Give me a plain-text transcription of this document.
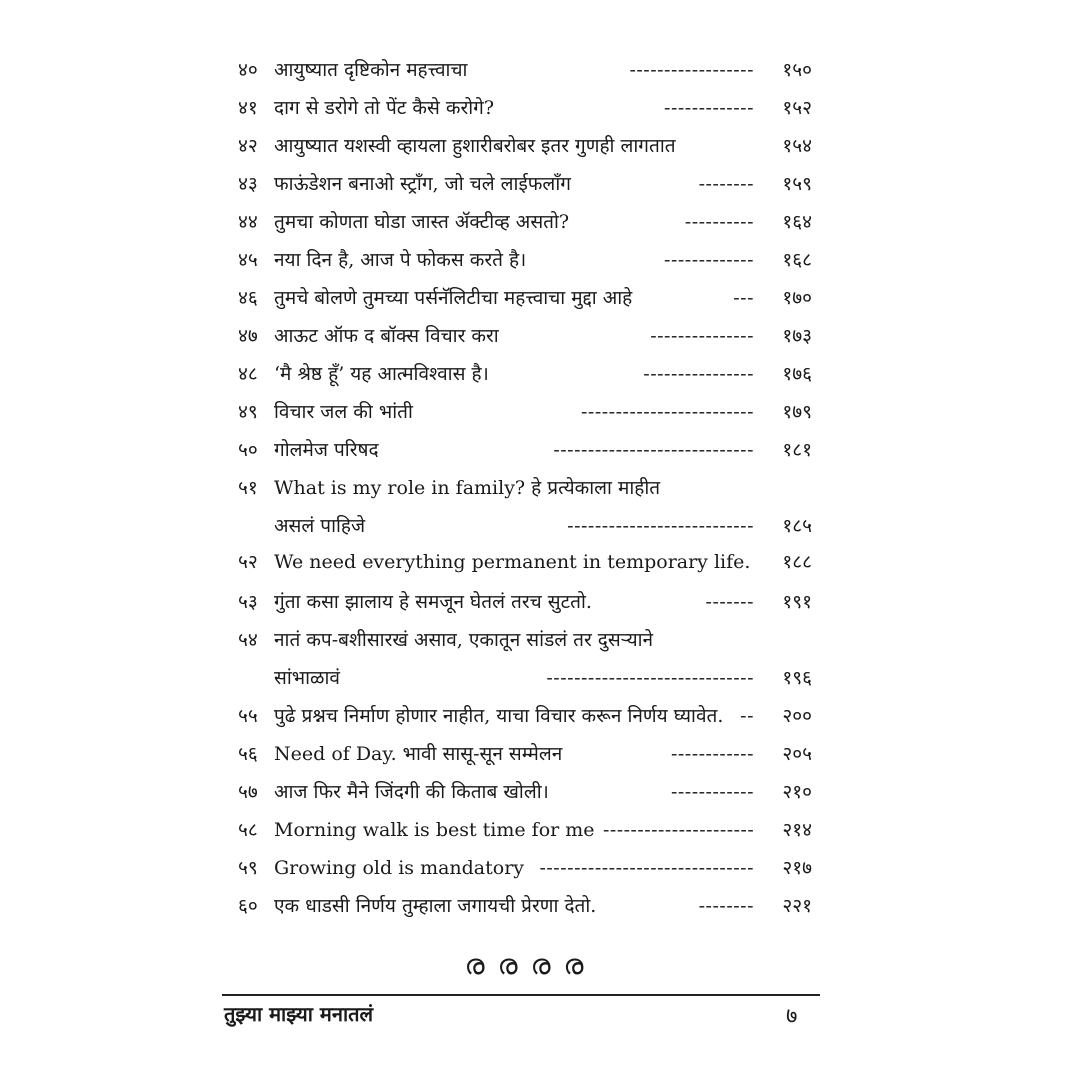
४० आयुष्यात दृष्टिकोन महत्त्वाचा	------------------	१५०
४१ दाग से डरोगे तो पेंट कैसे करोगे?	-------------	१५२
४२ आयुष्यात यशस्वी व्हायला हुशारीबरोबर इतर गुणही लागतात	१५४
४३ फाऊंडेशन बनाओ स्ट्राँग, जो चले लाईफलाँग	--------	१५९
४४ तुमचा कोणता घोडा जास्त ॲक्टीव्ह असतो?	----------	१६४
४५ नया दिन है, आज पे फोकस करते है।	-------------	१६८
४६ तुमचे बोलणे तुमच्या पर्सनॅलिटीचा महत्त्वाचा मुद्दा आहे	---	१७०
४७ आऊट ऑफ द बॉक्स विचार करा	---------------	१७३
४८ ‘मै श्रेष्ठ हूँ’ यह आत्मविश्वास है।	----------------	१७६
४९ विचार जल की भांती	-------------------------	१७९
५० गोलमेज परिषद	-----------------------------	१८१
५१ What is my role in family? हे प्रत्येकाला माहीत
असलं पाहिजे	---------------------------	१८५
५२ We need everything permanent in temporary life.	१८८
५३ गुंता कसा झालाय हे समजून घेतलं तरच सुटतो.	-------	१९१
५४ नातं कप-बशीसारखं असाव, एकातून सांडलं तर दुसऱ्याने
सांभाळावं	------------------------------	१९६
५५ पुढे प्रश्नच निर्माण होणार नाहीत, याचा विचार करून निर्णय घ्यावेत. --	२००
५६ Need of Day. भावी सासू-सून सम्मेलन	------------	२०५
५७ आज फिर मैने जिंदगी की किताब खोली।	------------	२१०
५८ Morning walk is best time for me ----------------------	२१४
५९ Growing old is mandatory -------------------------------	२१७
६० एक धाडसी निर्णय तुम्हाला जगायची प्रेरणा देतो.	--------	२२१
ര ര ര ര
तुझ्या माझ्या मनातलं	७
